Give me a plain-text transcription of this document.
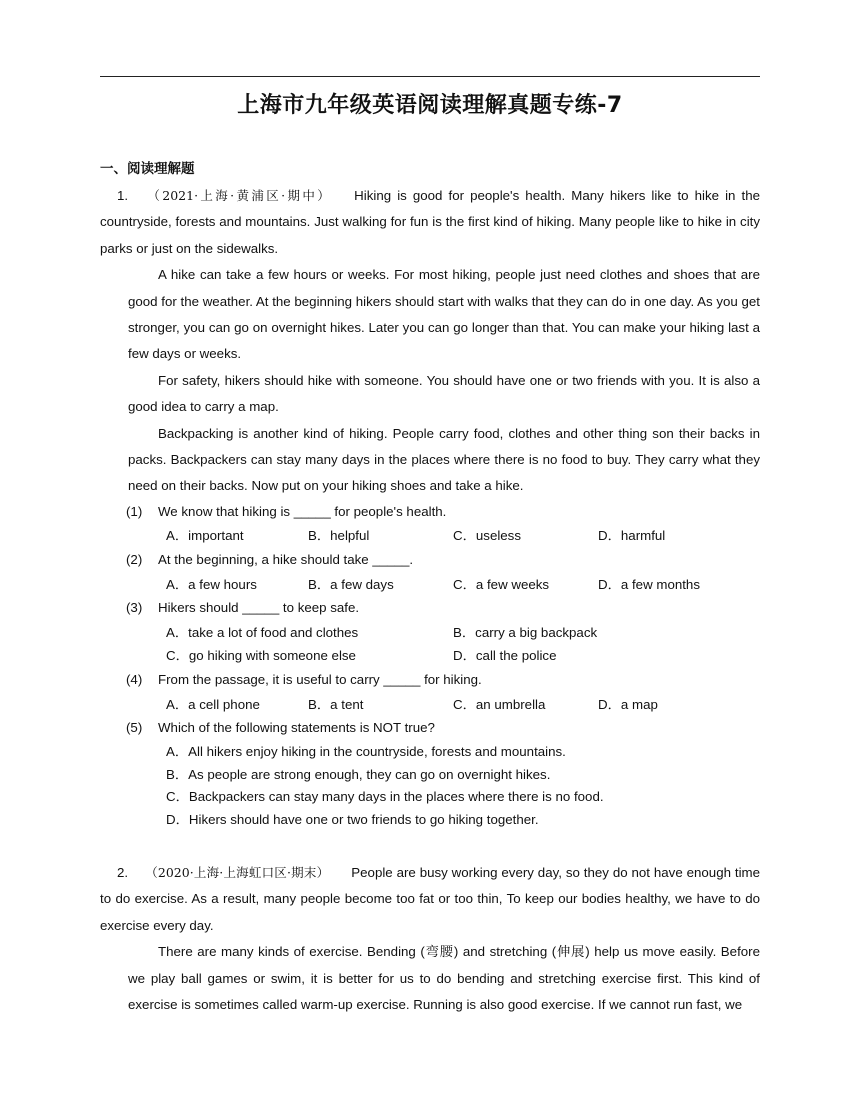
上海市九年级英语阅读理解真题专练-7
一、阅读理解题

1. （2021·上海·黄浦区·期中） Hiking is good for people's health. Many hikers like to hike in the countryside, forests and mountains. Just walking for fun is the first kind of hiking. Many people like to hike in city parks or just on the sidewalks.

A hike can take a few hours or weeks. For most hiking, people just need clothes and shoes that are good for the weather. At the beginning hikers should start with walks that they can do in one day. As you get stronger, you can go on overnight hikes. Later you can go longer than that. You can make your hiking last a few days or weeks.

For safety, hikers should hike with someone. You should have one or two friends with you. It is also a good idea to carry a map.

Backpacking is another kind of hiking. People carry food, clothes and other thing son their backs in packs. Backpackers can stay many days in the places where there is no food to buy. They carry what they need on their backs. Now put on your hiking shoes and take a hike.

(1) We know that hiking is _____ for people's health.
A．important	B．helpful	C．useless	D．harmful
(2) At the beginning, a hike should take _____.
A．a few hours	B．a few days	C．a few weeks	D．a few months
(3) Hikers should _____ to keep safe.
A．take a lot of food and clothes	B．carry a big backpack
C．go hiking with someone else	D．call the police
(4) From the passage, it is useful to carry _____ for hiking.
A．a cell phone	B．a tent	C．an umbrella	D．a map
(5) Which of the following statements is NOT true?
A．All hikers enjoy hiking in the countryside, forests and mountains.
B．As people are strong enough, they can go on overnight hikes.
C．Backpackers can stay many days in the places where there is no food.
D．Hikers should have one or two friends to go hiking together.

2. （2020·上海·上海虹口区·期末） People are busy working every day, so they do not have enough time to do exercise. As a result, many people become too fat or too thin, To keep our bodies healthy, we have to do exercise every day.

There are many kinds of exercise. Bending (弯腰) and stretching (伸展) help us move easily. Before we play ball games or swim, it is better for us to do bending and stretching exercise first. This kind of exercise is sometimes called warm-up exercise. Running is also good exercise. If we cannot run fast, we
